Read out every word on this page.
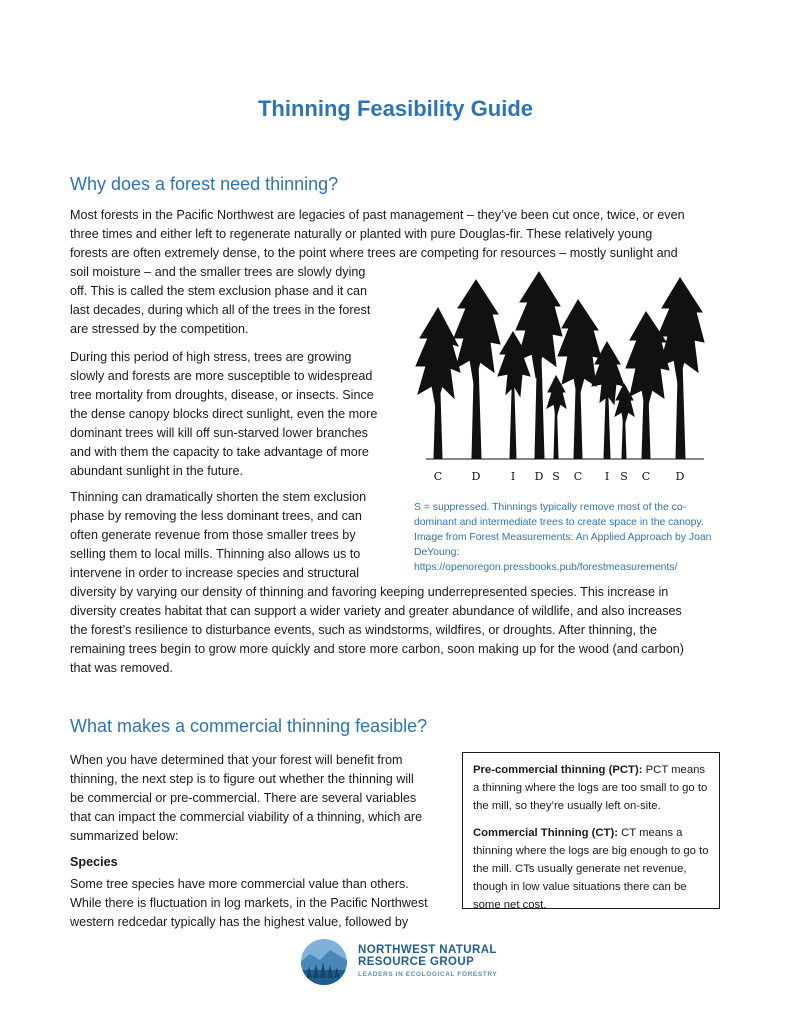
Thinning Feasibility Guide
Why does a forest need thinning?
Most forests in the Pacific Northwest are legacies of past management – they’ve been cut once, twice, or even
three times and either left to regenerate naturally or planted with pure Douglas-fir. These relatively young
forests are often extremely dense, to the point where trees are competing for resources – mostly sunlight and
soil moisture – and the smaller trees are slowly dying
off. This is called the stem exclusion phase and it can
last decades, during which all of the trees in the forest
are stressed by the competition.
During this period of high stress, trees are growing
slowly and forests are more susceptible to widespread
tree mortality from droughts, disease, or insects. Since
the dense canopy blocks direct sunlight, even the more
dominant trees will kill off sun-starved lower branches
and with them the capacity to take advantage of more
abundant sunlight in the future.
Thinning can dramatically shorten the stem exclusion
phase by removing the less dominant trees, and can
often generate revenue from those smaller trees by
selling them to local mills. Thinning also allows us to
intervene in order to increase species and structural
diversity by varying our density of thinning and favoring keeping underrepresented species. This increase in
diversity creates habitat that can support a wider variety and greater abundance of wildlife, and also increases
the forest’s resilience to disturbance events, such as windstorms, wildfires, or droughts. After thinning, the
remaining trees begin to grow more quickly and store more carbon, soon making up for the wood (and carbon)
that was removed.
C	D	I D S C I S C D

S = suppressed. Thinnings typically remove most of the co-dominant and intermediate trees to create space in the canopy. Image from Forest Measurements: An Applied Approach by Joan DeYoung: https://openoregon.pressbooks.pub/forestmeasurements/

What makes a commercial thinning feasible?
When you have determined that your forest will benefit from
thinning, the next step is to figure out whether the thinning will
be commercial or pre-commercial. There are several variables
that can impact the commercial viability of a thinning, which are
summarized below:

Species

Some tree species have more commercial value than others.
While there is fluctuation in log markets, in the Pacific Northwest
western redcedar typically has the highest value, followed by

Pre-commercial thinning (PCT): PCT means a thinning where the logs are too small to go to the mill, so they’re usually left on-site.

Commercial Thinning (CT): CT means a thinning where the logs are big enough to go to the mill. CTs usually generate net revenue, though in low value situations there can be some net cost.

NORTHWEST NATURAL
RESOURCE GROUP
LEADERS IN ECOLOGICAL FORESTRY
